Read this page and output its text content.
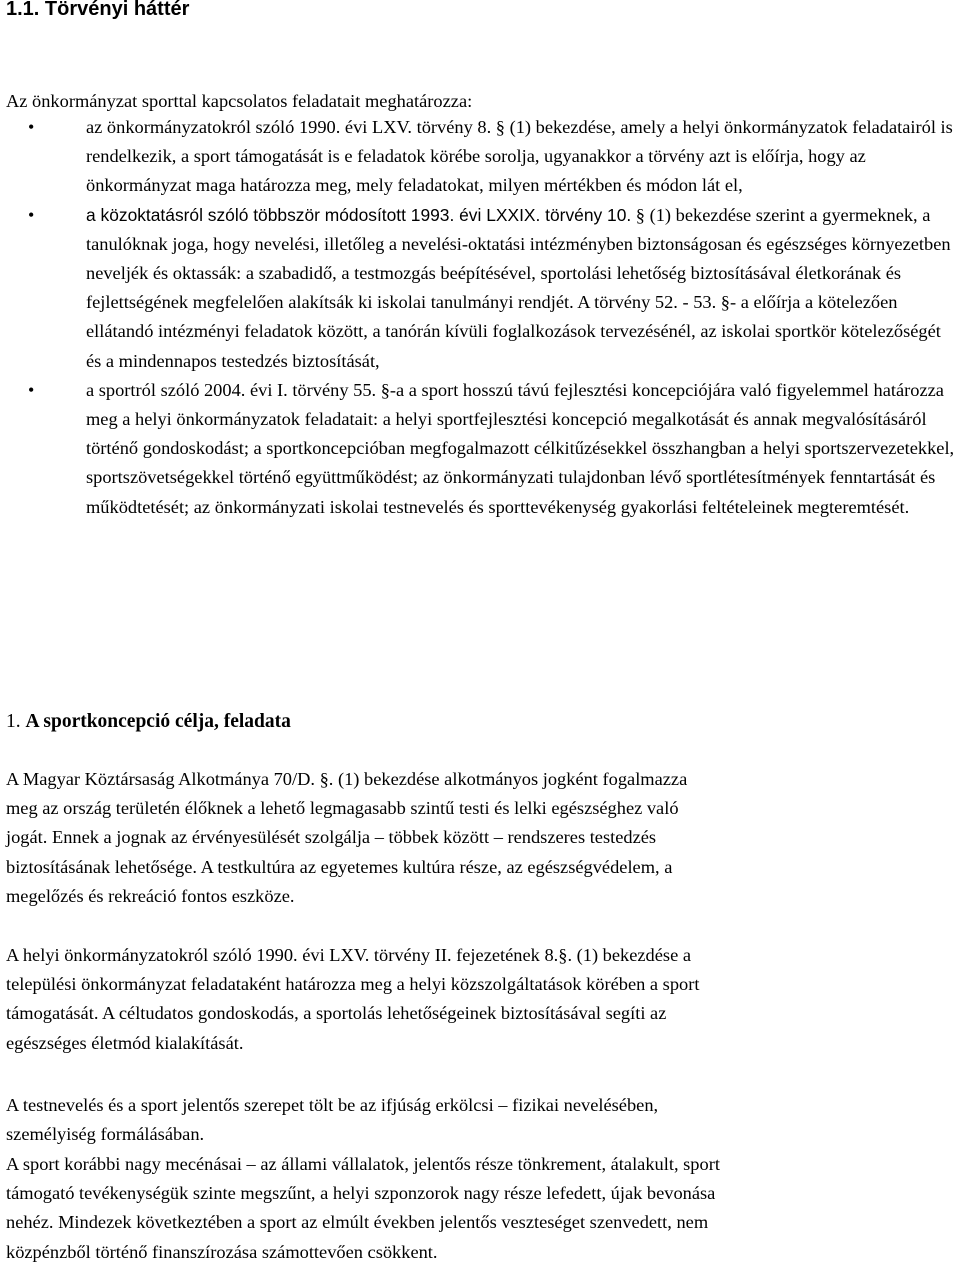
1.1. Törvényi háttér

Az önkormányzat sporttal kapcsolatos feladatait meghatározza:

•	az önkormányzatokról szóló 1990. évi LXV. törvény 8. § (1) bekezdése, amely a helyi önkormányzatok feladatairól is rendelkezik, a sport támogatását is e feladatok körébe sorolja, ugyanakkor a törvény azt is előírja, hogy az önkormányzat maga határozza meg, mely feladatokat, milyen mértékben és módon lát el,
•	a közoktatásról szóló többször módosított 1993. évi LXXIX. törvény 10. § (1) bekezdése szerint a gyermeknek, a tanulóknak joga, hogy nevelési, illetőleg a nevelési-oktatási intézményben biztonságosan és egészséges környezetben neveljék és oktassák: a szabadidő, a testmozgás beépítésével, sportolási lehetőség biztosításával életkorának és fejlettségének megfelelően alakítsák ki iskolai tanulmányi rendjét. A törvény 52. - 53. §- a előírja a kötelezően ellátandó intézményi feladatok között, a tanórán kívüli foglalkozások tervezésénél, az iskolai sportkör kötelezőségét és a mindennapos testedzés biztosítását,
•	a sportról szóló 2004. évi I. törvény 55. §-a a sport hosszú távú fejlesztési koncepciójára való figyelemmel határozza meg a helyi önkormányzatok feladatait: a helyi sportfejlesztési koncepció megalkotását és annak megvalósításáról történő gondoskodást; a sportkoncepcióban megfogalmazott célkitűzésekkel összhangban a helyi sportszervezetekkel, sportszövetségekkel történő együttműködést; az önkormányzati tulajdonban lévő sportlétesítmények fenntartását és működtetését; az önkormányzati iskolai testnevelés és sporttevékenység gyakorlási feltételeinek megteremtését.
1. A sportkoncepció célja, feladata
A Magyar Köztársaság Alkotmánya 70/D. §. (1) bekezdése alkotmányos jogként fogalmazza
meg az ország területén élőknek a lehető legmagasabb szintű testi és lelki egészséghez való
jogát. Ennek a jognak az érvényesülését szolgálja – többek között – rendszeres testedzés
biztosításának lehetősége. A testkultúra az egyetemes kultúra része, az egészségvédelem, a
megelőzés és rekreáció fontos eszköze.
A helyi önkormányzatokról szóló 1990. évi LXV. törvény II. fejezetének 8.§. (1) bekezdése a
települési önkormányzat feladataként határozza meg a helyi közszolgáltatások körében a sport
támogatását. A céltudatos gondoskodás, a sportolás lehetőségeinek biztosításával segíti az
egészséges életmód kialakítását.
A testnevelés és a sport jelentős szerepet tölt be az ifjúság erkölcsi – fizikai nevelésében,
személyiség formálásában.
A sport korábbi nagy mecénásai – az állami vállalatok, jelentős része tönkrement, átalakult, sport
támogató tevékenységük szinte megszűnt, a helyi szponzorok nagy része lefedett, újak bevonása
nehéz. Mindezek következtében a sport az elmúlt években jelentős veszteséget szenvedett, nem
közpénzből történő finanszírozása számottevően csökkent.
